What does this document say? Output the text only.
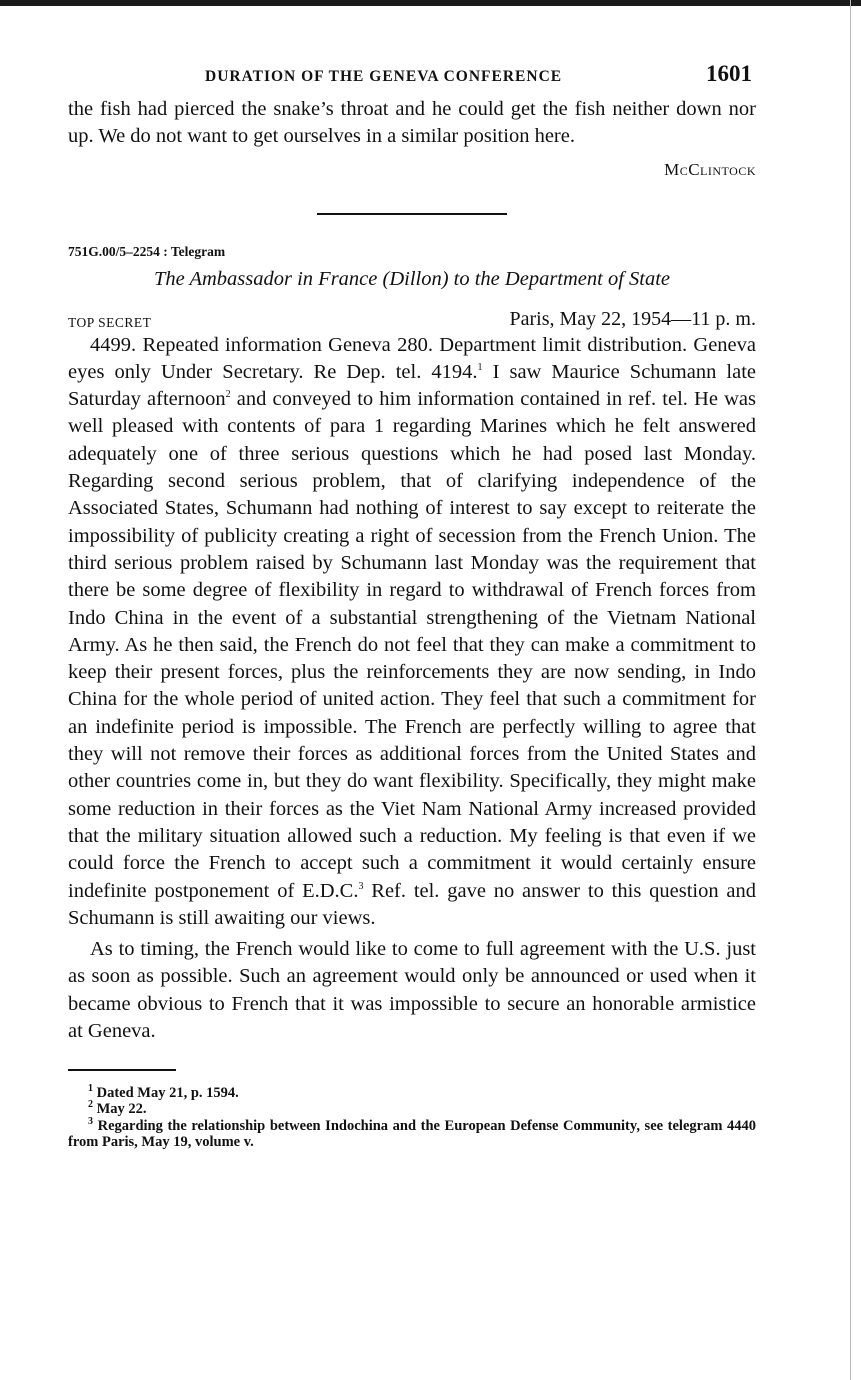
DURATION OF THE GENEVA CONFERENCE	1601

the fish had pierced the snake’s throat and he could get the fish neither down nor up. We do not want to get ourselves in a similar position here.

McClintock
751G.00/5–2254 : Telegram
The Ambassador in France (Dillon) to the Department of State
TOP SECRET	Paris, May 22, 1954—11 p. m.

4499. Repeated information Geneva 280. Department limit distribution. Geneva eyes only Under Secretary. Re Dep. tel. 4194.$^1$ I saw Maurice Schumann late Saturday afternoon$^2$ and conveyed to him information contained in ref. tel. He was well pleased with contents of para 1 regarding Marines which he felt answered adequately one of three serious questions which he had posed last Monday. Regarding second serious problem, that of clarifying independence of the Associated States, Schumann had nothing of interest to say except to reiterate the impossibility of publicity creating a right of secession from the French Union. The third serious problem raised by Schumann last Monday was the requirement that there be some degree of flexibility in regard to withdrawal of French forces from Indo China in the event of a substantial strengthening of the Vietnam National Army. As he then said, the French do not feel that they can make a commitment to keep their present forces, plus the reinforcements they are now sending, in Indo China for the whole period of united action. They feel that such a commitment for an indefinite period is impossible. The French are perfectly willing to agree that they will not remove their forces as additional forces from the United States and other countries come in, but they do want flexibility. Specifically, they might make some reduction in their forces as the Viet Nam National Army increased provided that the military situation allowed such a reduction. My feeling is that even if we could force the French to accept such a commitment it would certainly ensure indefinite postponement of E.D.C.$^3$ Ref. tel. gave no answer to this question and Schumann is still awaiting our views.

As to timing, the French would like to come to full agreement with the U.S. just as soon as possible. Such an agreement would only be announced or used when it became obvious to French that it was impossible to secure an honorable armistice at Geneva.

$^1$ Dated May 21, p. 1594.
$^2$ May 22.
$^3$ Regarding the relationship between Indochina and the European Defense Community, see telegram 4440 from Paris, May 19, volume v.
